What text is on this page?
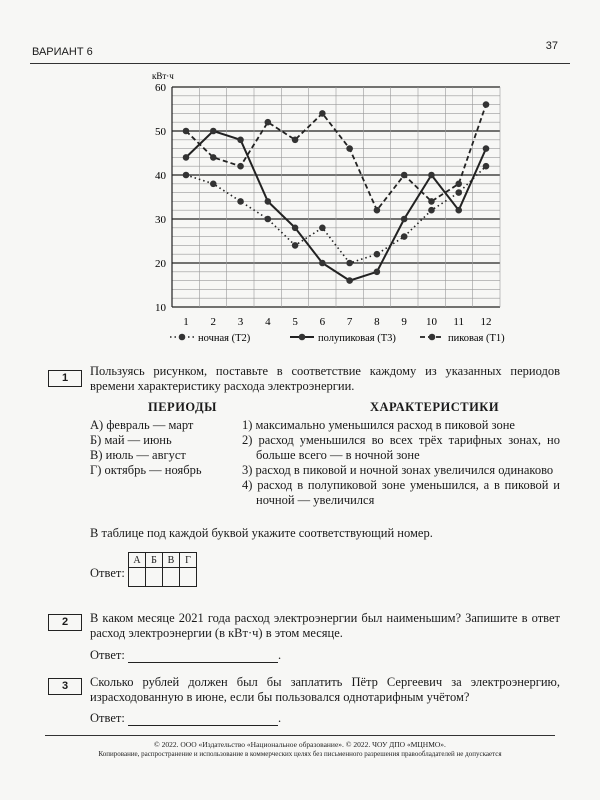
ВАРИАНТ 6	37
10
20
30
40
50
60
кВт·ч
1 2 3 4 5 6 7 8 9 10 11 12
ночная (Т2)	полупиковая (Т3)	пиковая (Т1)
1	Пользуясь рисунком, поставьте в соответствие каждому из указанных периодов времени характеристику расхода электроэнергии.
ПЕРИОДЫ
А) февраль — март
Б) май — июнь
В) июль — август
Г) октябрь — ноябрь
ХАРАКТЕРИСТИКИ
1) максимально уменьшился расход в пиковой зоне
2) расход уменьшился во всех трёх тарифных зонах, но больше всего — в ночной зоне
3) расход в пиковой и ночной зонах увеличился одинаково
4) расход в полупиковой зоне уменьшился, а в пиковой и ночной — увеличился
В таблице под каждой буквой укажите соответствующий номер.
Ответ:
А	Б	В	Г

2	В каком месяце 2021 года расход электроэнергии был наименьшим? Запишите в ответ расход электроэнергии (в кВт·ч) в этом месяце.
Ответ:	.
3	Сколько рублей должен был бы заплатить Пётр Сергеевич за электроэнергию, израсходованную в июне, если бы пользовался однотарифным учётом?
Ответ:	.
© 2022. ООО «Издательство «Национальное образование». © 2022. ЧОУ ДПО «МЦНМО».
Копирование, распространение и использование в коммерческих целях без письменного разрешения правообладателей не допускается
